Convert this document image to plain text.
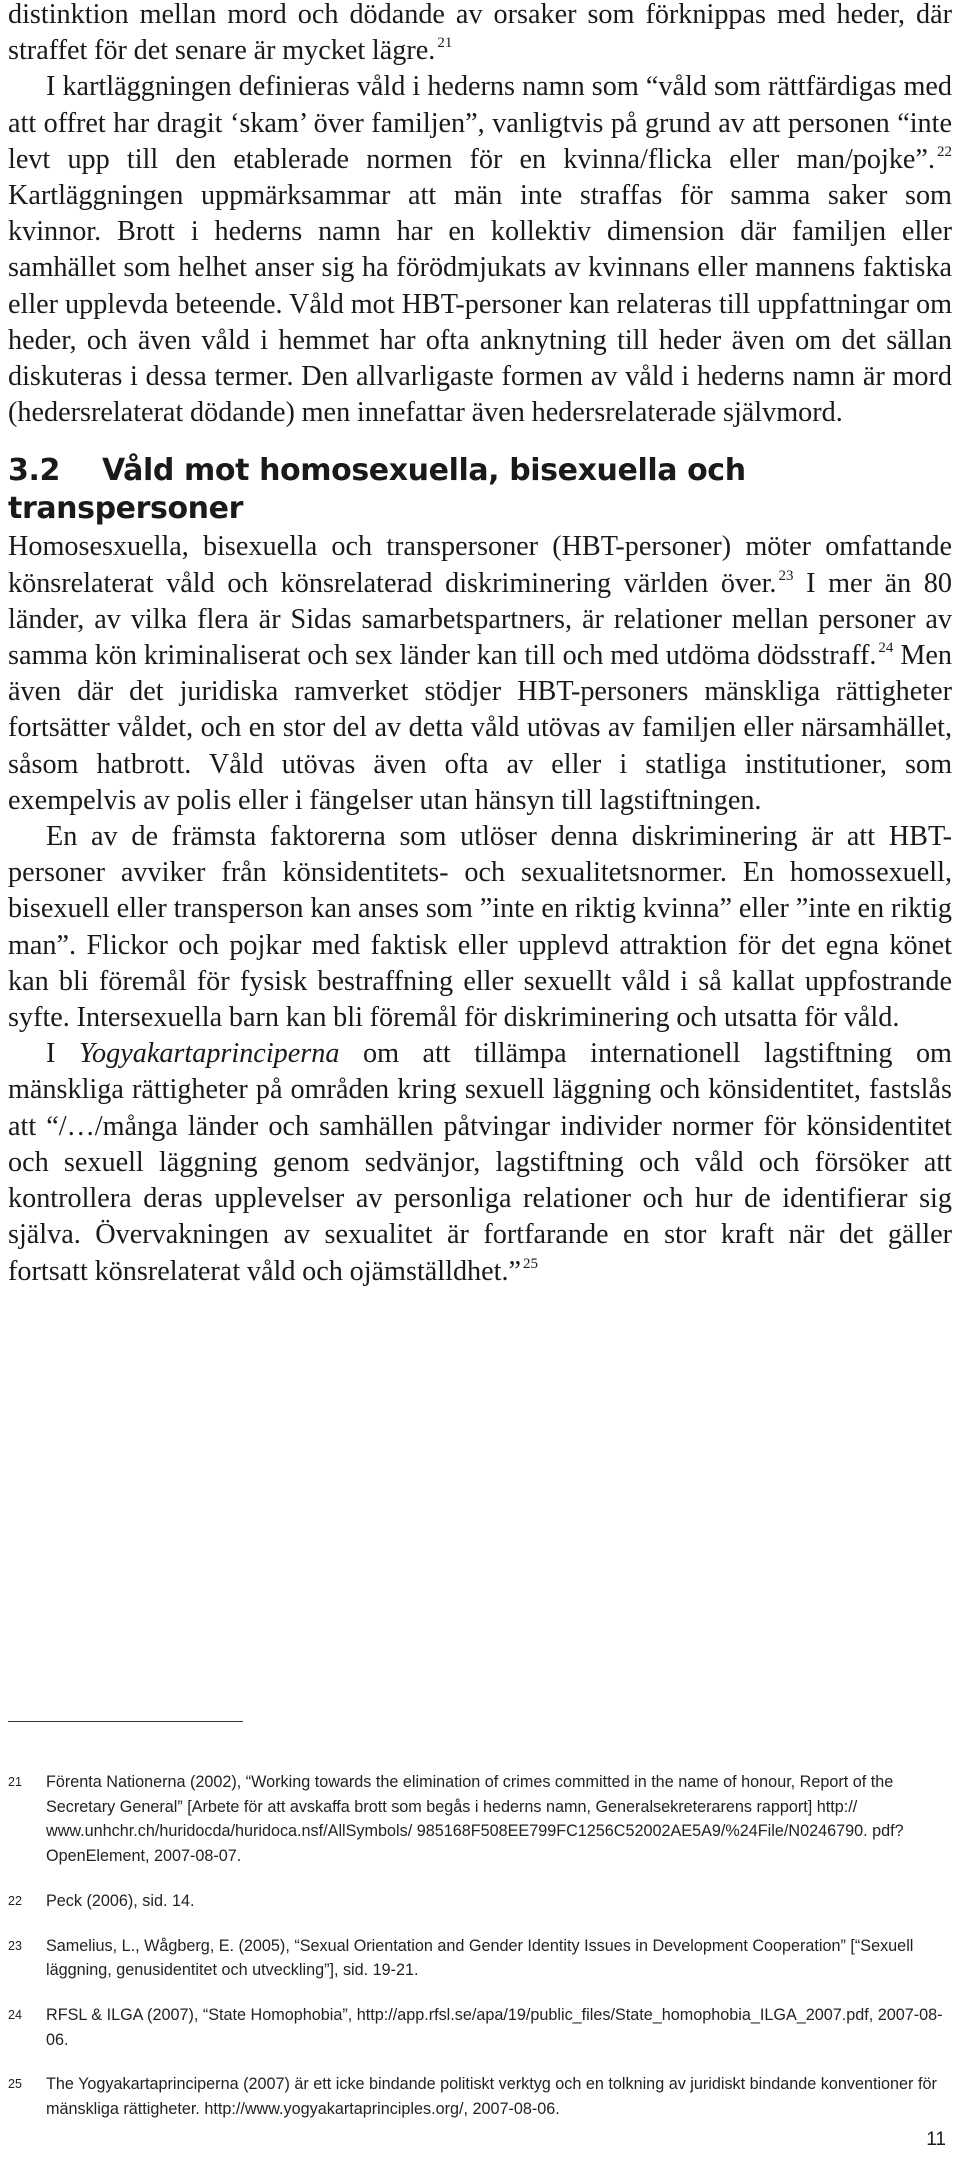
distinktion mellan mord och dödande av orsaker som förknippas med heder, där straffet för det senare är mycket lägre. $^{21}$

I kartläggningen definieras våld i hederns namn som “våld som rättfärdigas med att offret har dragit ‘skam’ över familjen”, vanligtvis på grund av att personen “inte levt upp till den etablerade normen för en kvinna/flicka eller man/pojke”. $^{22}$ Kartläggningen uppmärksammar att män inte straffas för samma saker som kvinnor. Brott i hederns namn har en kollektiv dimension där familjen eller samhället som helhet anser sig ha förödmjukats av kvinnans eller mannens faktiska eller upplevda beteende. Våld mot HBT-personer kan relateras till uppfattningar om heder, och även våld i hemmet har ofta anknytning till heder även om det sällan diskuteras i dessa termer. Den allvarligaste formen av våld i hederns namn är mord (hedersrelaterat dödande) men innefattar även hedersrelaterade självmord.

3.2 Våld mot homosexuella, bisexuella och transpersoner

Homosesxuella, bisexuella och transpersoner (HBT-personer) möter omfattande könsrelaterat våld och könsrelaterad diskriminering världen över. $^{23}$ I mer än 80 länder, av vilka flera är Sidas samarbetspartners, är relationer mellan personer av samma kön kriminaliserat och sex länder kan till och med utdöma dödsstraff. $^{24}$ Men även där det juridiska ramverket stödjer HBT-personers mänskliga rättigheter fortsätter våldet, och en stor del av detta våld utövas av familjen eller närsamhället, såsom hatbrott. Våld utövas även ofta av eller i statliga institutioner, som exempelvis av polis eller i fängelser utan hänsyn till lagstiftningen.

En av de främsta faktorerna som utlöser denna diskriminering är att HBT-personer avviker från könsidentitets- och sexualitetsnormer. En homossexuell, bisexuell eller transperson kan anses som ”inte en riktig kvinna” eller ”inte en riktig man”. Flickor och pojkar med faktisk eller upplevd attraktion för det egna könet kan bli föremål för fysisk bestraffning eller sexuellt våld i så kallat uppfostrande syfte. Intersexuella barn kan bli föremål för diskriminering och utsatta för våld.

I Yogyakartaprinciperna om att tillämpa internationell lagstiftning om mänskliga rättigheter på områden kring sexuell läggning och könsidentitet, fastslås att “/…/många länder och samhällen påtvingar individer normer för könsidentitet och sexuell läggning genom sedvänjor, lagstiftning och våld och försöker att kontrollera deras upplevelser av personliga relationer och hur de identifierar sig själva. Övervakningen av sexualitet är fortfarande en stor kraft när det gäller fortsatt könsrelaterat våld och ojämställdhet.” $^{25}$

21	Förenta Nationerna (2002), “Working towards the elimination of crimes committed in the name of honour, Report of the Secretary General” [Arbete för att avskaffa brott som begås i hederns namn, Generalsekreterarens rapport] http:// www.unhchr.ch/huridocda/huridoca.nsf/AllSymbols/ 985168F508EE799FC1256C52002AE5A9/%24File/N0246790. pdf?OpenElement, 2007-08-07.
22	Peck (2006), sid. 14.
23	Samelius, L., Wågberg, E. (2005), “Sexual Orientation and Gender Identity Issues in Development Cooperation” [“Sexuell läggning, genusidentitet och utveckling”], sid. 19-21.
24	RFSL & ILGA (2007), “State Homophobia”, http://app.rfsl.se/apa/19/public_files/State_homophobia_ILGA_2007.pdf, 2007-08-06.
25	The Yogyakartaprinciperna (2007) är ett icke bindande politiskt verktyg och en tolkning av juridiskt bindande konventioner för mänskliga rättigheter. http://www.yogyakartaprinciples.org/, 2007-08-06.
11
